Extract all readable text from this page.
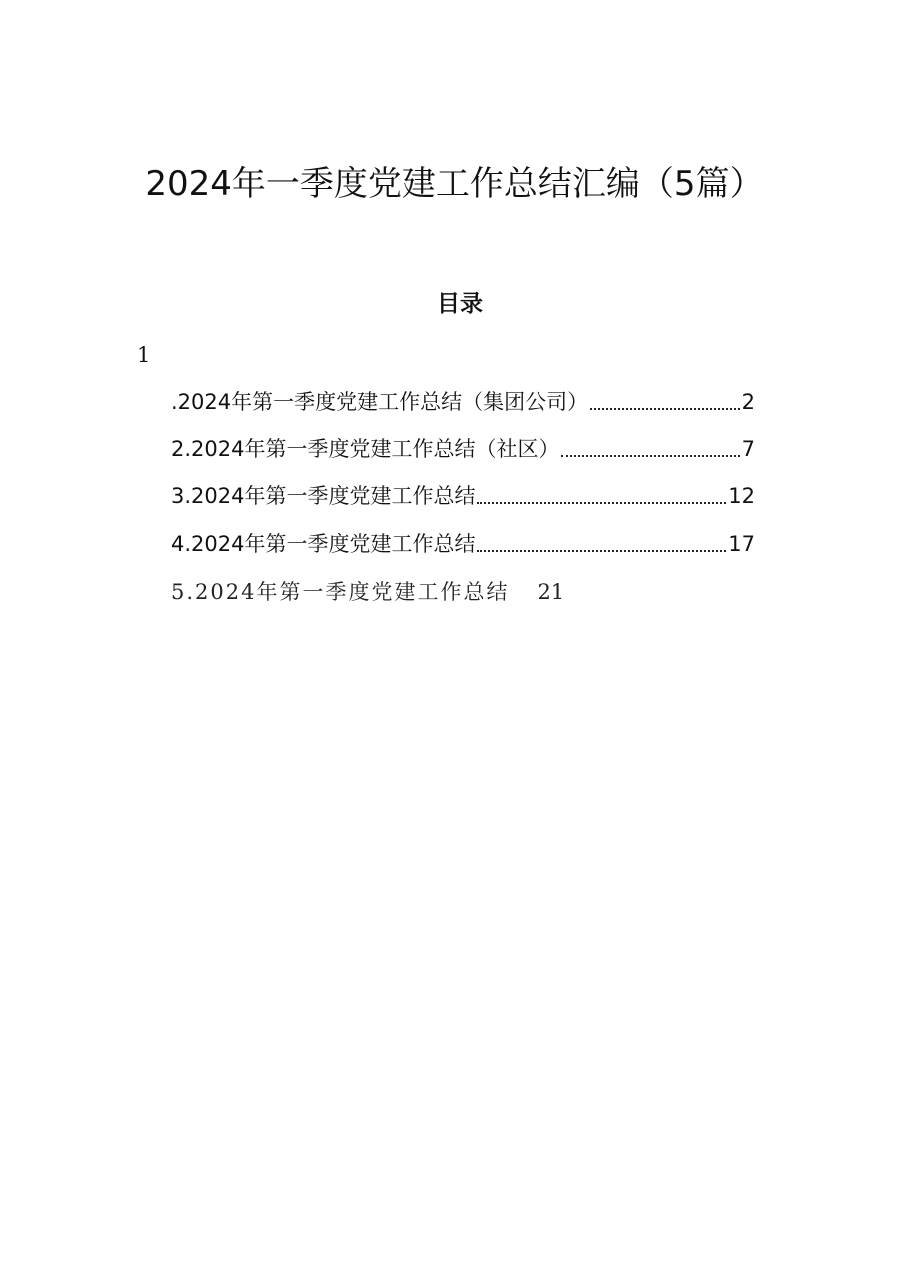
2024年一季度党建工作总结汇编（5篇）
目录
1
.2024年第一季度党建工作总结（集团公司）	2
2.2024年第一季度党建工作总结（社区）	7
3.2024年第一季度党建工作总结	12
4.2024年第一季度党建工作总结	17
5.2024年第一季度党建工作总结 21
